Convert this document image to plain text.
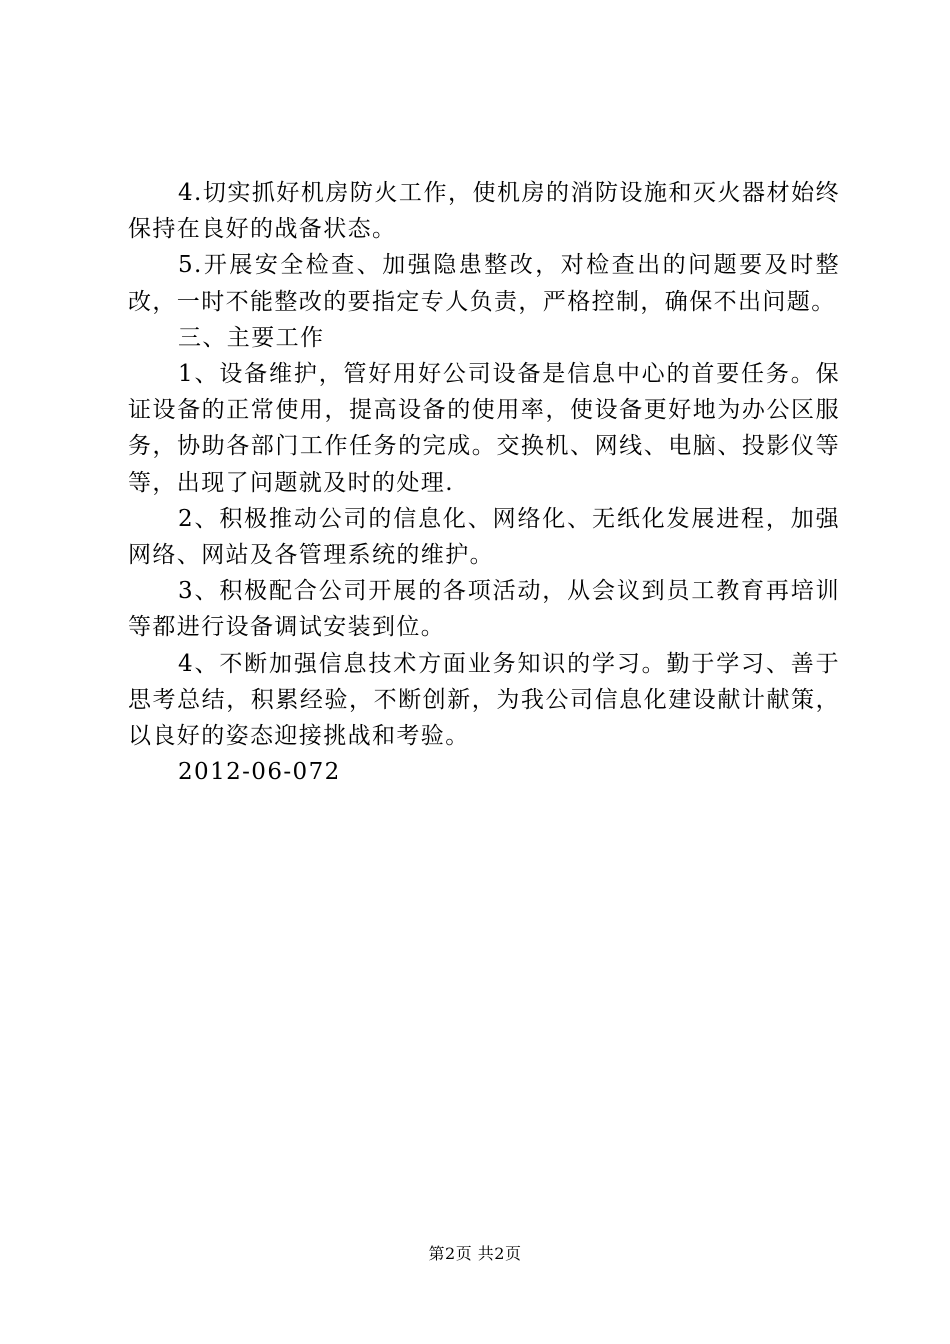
4.切实抓好机房防火工作，使机房的消防设施和灭火器材始终保持在良好的战备状态。

5.开展安全检查、加强隐患整改，对检查出的问题要及时整改，一时不能整改的要指定专人负责，严格控制，确保不出问题。

三、主要工作

1、设备维护，管好用好公司设备是信息中心的首要任务。保证设备的正常使用，提高设备的使用率，使设备更好地为办公区服务，协助各部门工作任务的完成。交换机、网线、电脑、投影仪等等，出现了问题就及时的处理.

2、积极推动公司的信息化、网络化、无纸化发展进程，加强网络、网站及各管理系统的维护。

3、积极配合公司开展的各项活动，从会议到员工教育再培训等都进行设备调试安装到位。

4、不断加强信息技术方面业务知识的学习。勤于学习、善于思考总结，积累经验，不断创新，为我公司信息化建设献计献策，以良好的姿态迎接挑战和考验。

2012-06-072

第2页 共2页
